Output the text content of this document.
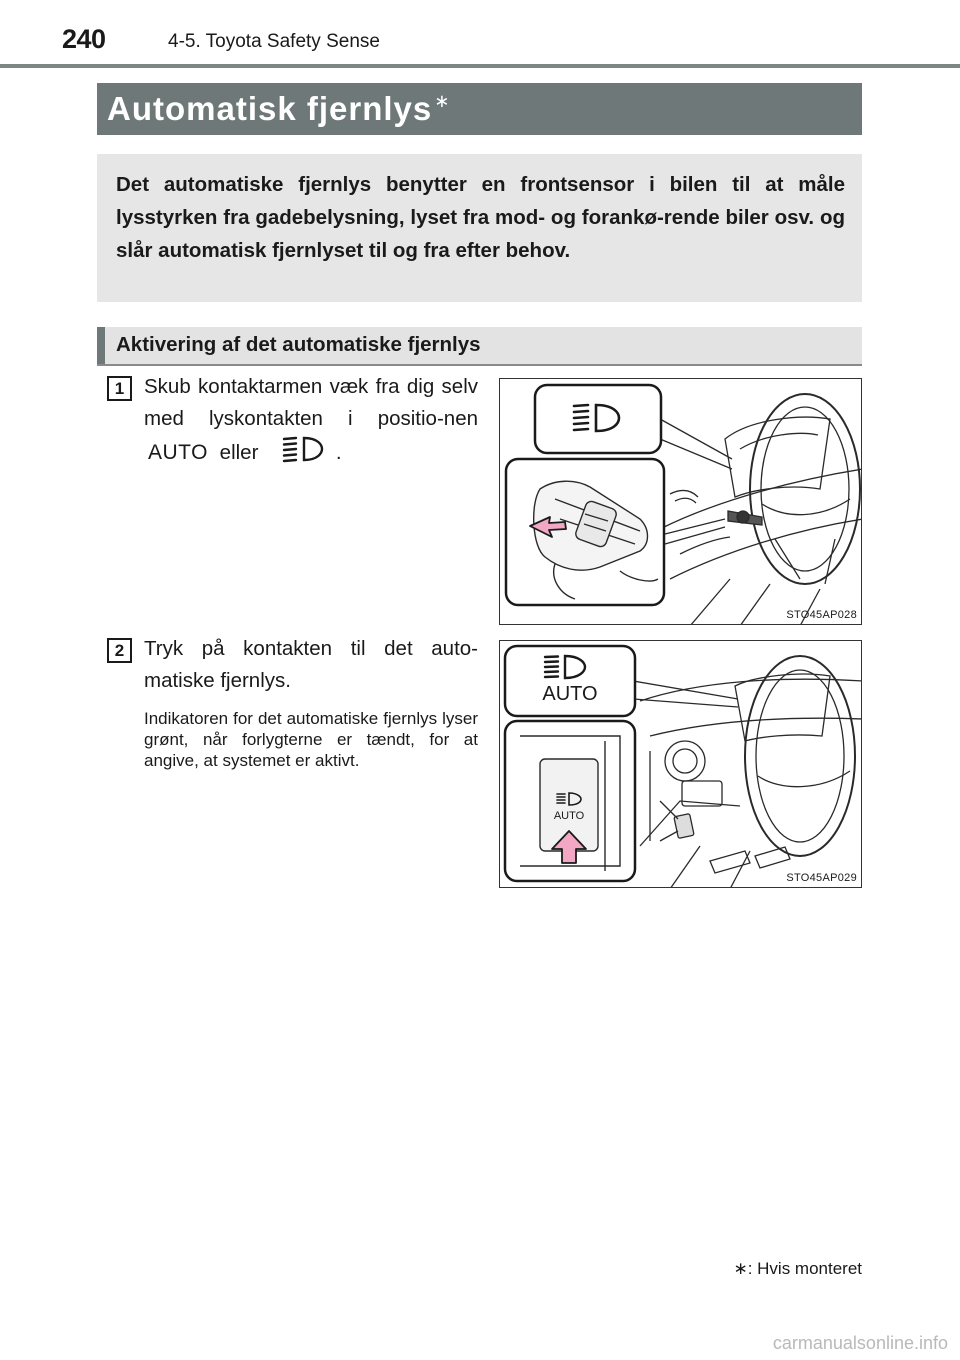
240	4-5. Toyota Safety Sense
Automatisk fjernlys ∗
Det automatiske fjernlys benytter en frontsensor i bilen til at måle lysstyrken fra gadebelysning, lyset fra mod- og forankø-rende biler osv. og slår automatisk fjernlyset til og fra efter behov.
Aktivering af det automatiske fjernlys
1 Skub kontaktarmen væk fra dig selv med lyskontakten i positio-nen AUTO eller	.
STO45AP028
2 Tryk på kontakten til det auto-matiske fjernlys.
Indikatoren for det automatiske fjernlys lyser grønt, når forlygterne er tændt, for at angive, at systemet er aktivt.
AUTO
AUTO
STO45AP029
∗: Hvis monteret
carmanualsonline.info
